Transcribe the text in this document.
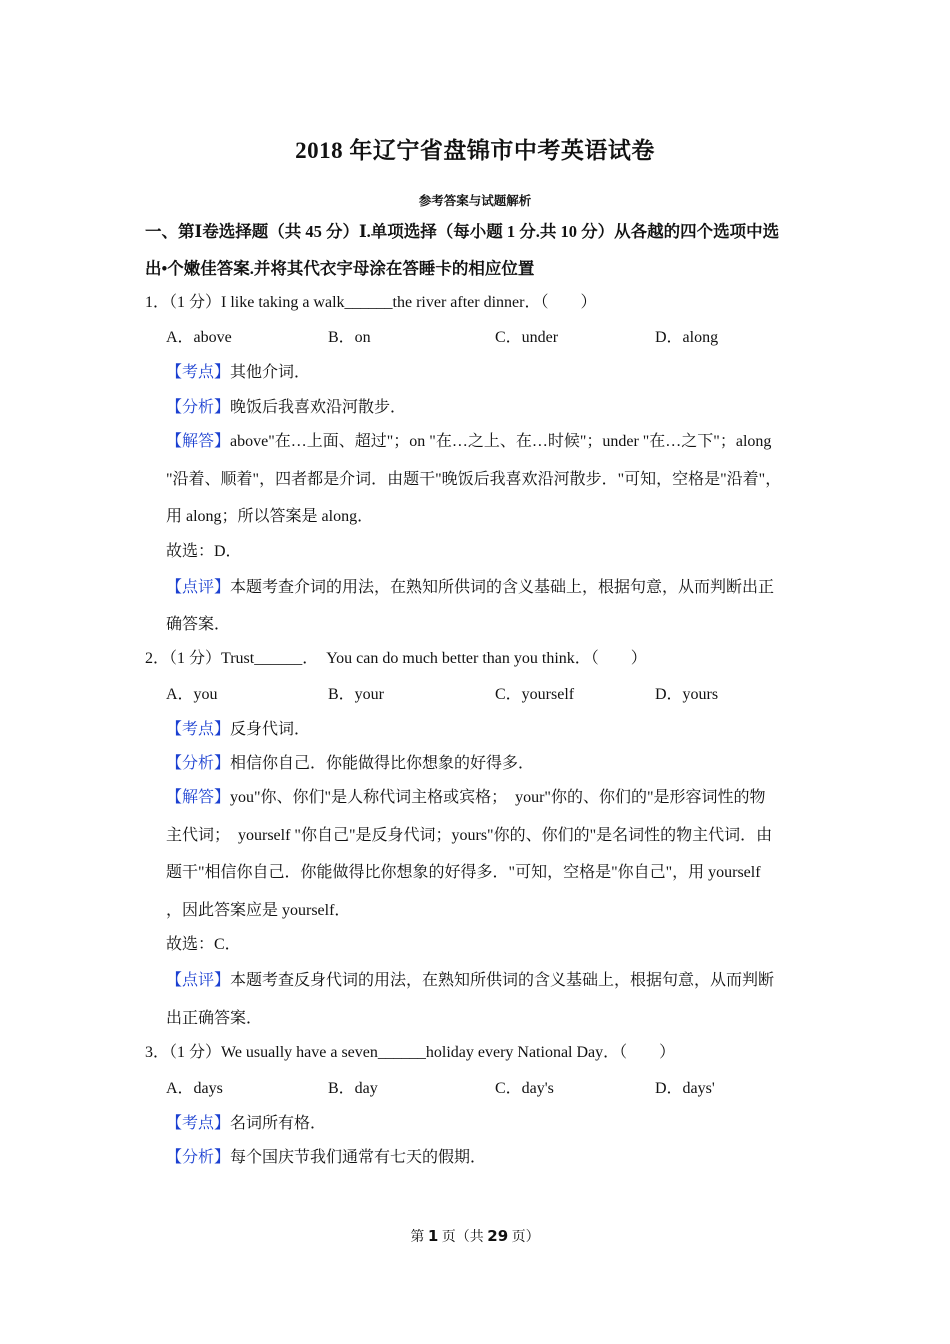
2018 年辽宁省盘锦市中考英语试卷
参考答案与试题解析
一、第Ⅰ卷选择题（共 45 分）Ⅰ.单项选择（每小题 1 分.共 10 分）从各越的四个选项中选
出•个嫩佳答案.并将其代衣宇母涂在答睡卡的相应位置
1．（1 分）I like taking a walk______the river after dinner．（　　）
A．above	B．on	C．under	D．along
【考点】其他介词．
【分析】晚饭后我喜欢沿河散步．
【解答】above"在…上面、超过"；on "在…之上、在…时候"；under "在…之下"；along
"沿着、顺着"，四者都是介词．由题干"晚饭后我喜欢沿河散步．"可知，空格是"沿着"，
用 along；所以答案是 along．
故选：D．
【点评】本题考查介词的用法，在熟知所供词的含义基础上，根据句意，从而判断出正
确答案．
2．（1 分）Trust______．　You can do much better than you think．（　　）
A．you	B．your	C．yourself	D．yours
【考点】反身代词．
【分析】相信你自己．你能做得比你想象的好得多．
【解答】you"你、你们"是人称代词主格或宾格；　your"你的、你们的"是形容词性的物
主代词；　yourself "你自己"是反身代词；yours"你的、你们的"是名词性的物主代词．由
题干"相信你自己．你能做得比你想象的好得多．"可知，空格是"你自己"，用 yourself
，因此答案应是 yourself．
故选：C．
【点评】本题考查反身代词的用法，在熟知所供词的含义基础上，根据句意，从而判断
出正确答案．
3．（1 分）We usually have a seven______holiday every National Day．（　　）
A．days	B．day	C．day's	D．days'
【考点】名词所有格．
【分析】每个国庆节我们通常有七天的假期．
第 1 页（共 29 页）
